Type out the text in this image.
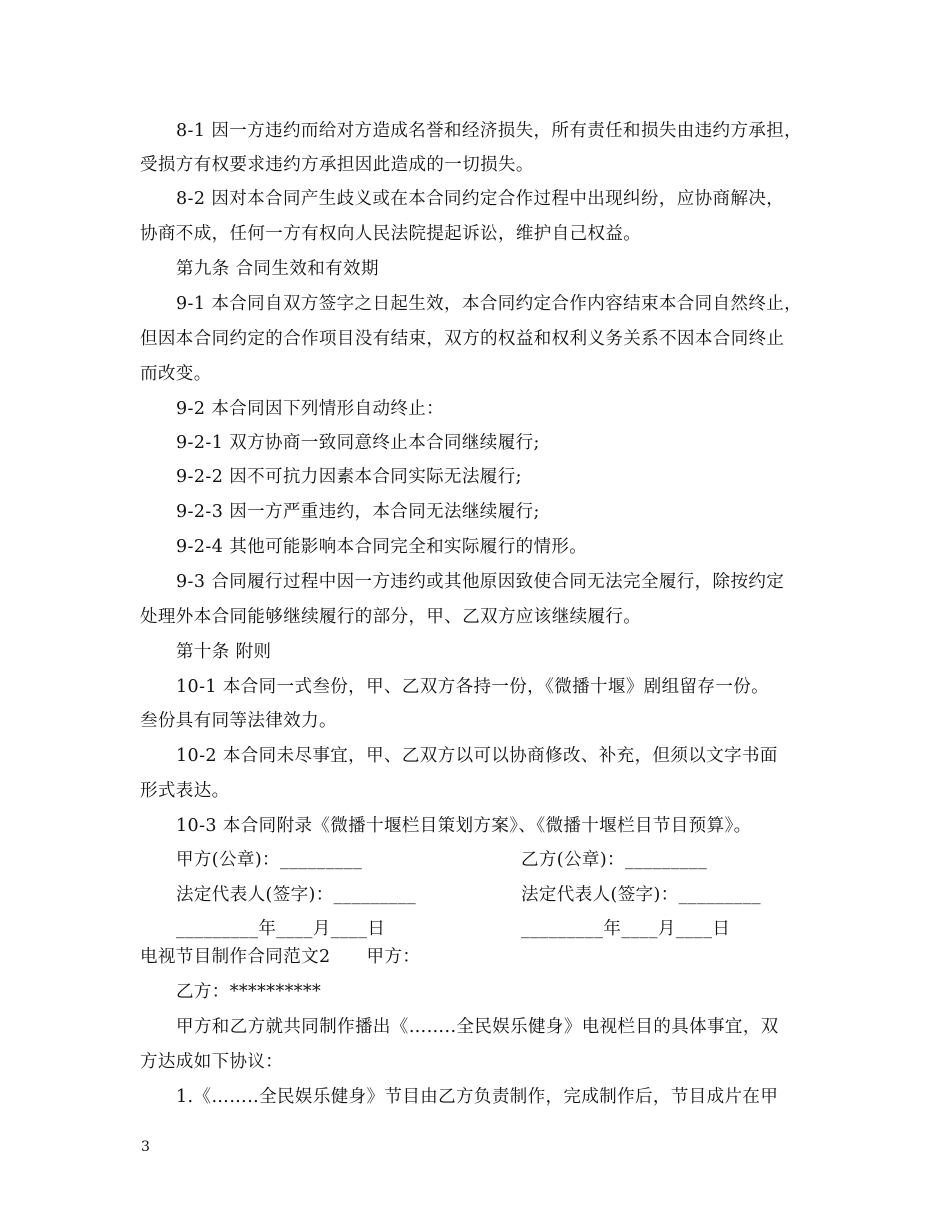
8-1 因一方违约而给对方造成名誉和经济损失，所有责任和损失由违约方承担，
受损方有权要求违约方承担因此造成的一切损失。
8-2 因对本合同产生歧义或在本合同约定合作过程中出现纠纷，应协商解决，
协商不成，任何一方有权向人民法院提起诉讼，维护自己权益。
第九条 合同生效和有效期
9-1 本合同自双方签字之日起生效，本合同约定合作内容结束本合同自然终止，
但因本合同约定的合作项目没有结束，双方的权益和权利义务关系不因本合同终止
而改变。
9-2 本合同因下列情形自动终止：
9-2-1 双方协商一致同意终止本合同继续履行;
9-2-2 因不可抗力因素本合同实际无法履行;
9-2-3 因一方严重违约，本合同无法继续履行;
9-2-4 其他可能影响本合同完全和实际履行的情形。
9-3 合同履行过程中因一方违约或其他原因致使合同无法完全履行，除按约定
处理外本合同能够继续履行的部分，甲、乙双方应该继续履行。
第十条 附则
10-1 本合同一式叁份，甲、乙双方各持一份，《微播十堰》剧组留存一份。
叁份具有同等法律效力。
10-2 本合同未尽事宜，甲、乙双方以可以协商修改、补充，但须以文字书面
形式表达。
10-3 本合同附录《微播十堰栏目策划方案》、《微播十堰栏目节目预算》。
甲方(公章)：_________	乙方(公章)：_________
法定代表人(签字)：_________	法定代表人(签字)：_________
_________年____月____日	_________年____月____日
电视节目制作合同范文2 甲方：
乙方：**********
甲方和乙方就共同制作播出《……..全民娱乐健身》电视栏目的具体事宜，双
方达成如下协议：
1.《……..全民娱乐健身》节目由乙方负责制作，完成制作后，节目成片在甲
3
